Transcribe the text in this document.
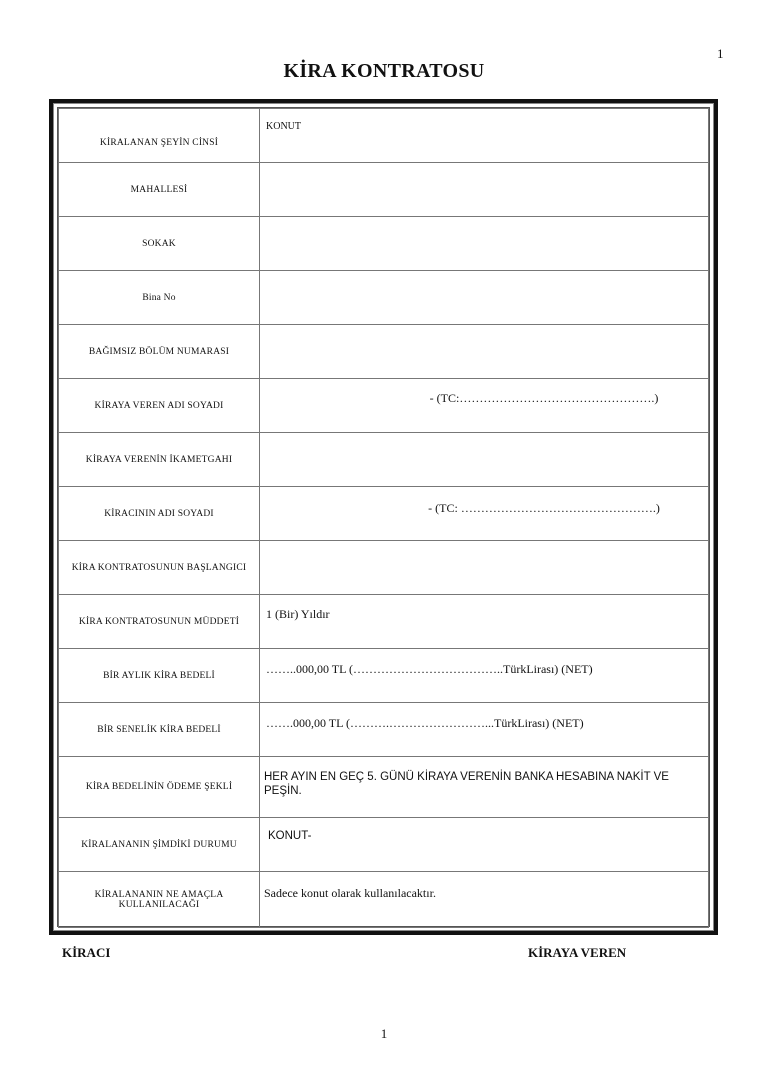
1
KİRA KONTRATOSU
KİRALANAN ŞEYİN CİNSİ	KONUT

MAHALLESİ	

SOKAK	

Bina No	

BAĞIMSIZ BÖLÜM NUMARASI	

KİRAYA VEREN ADI SOYADI	- (TC:………………………………………….)

KİRAYA VERENİN İKAMETGAHI	

KİRACININ ADI SOYADI	- (TC: ………………………………………….)

KİRA KONTRATOSUNUN BAŞLANGICI	

KİRA KONTRATOSUNUN MÜDDETİ	1 (Bir) Yıldır

BİR AYLIK KİRA BEDELİ	……..000,00 TL (………………………………..TürkLirası) (NET)

BİR SENELİK KİRA BEDELİ	…….000,00 TL (……….……………………...TürkLirası) (NET)

KİRA BEDELİNİN ÖDEME ŞEKLİ	HER AYIN EN GEÇ 5. GÜNÜ KİRAYA VERENİN BANKA HESABINA NAKİT VE PEŞİN.

KİRALANANIN ŞİMDİKİ DURUMU	KONUT-

KİRALANANIN NE AMAÇLA KULLANILACAĞI	Sadece konut olarak kullanılacaktır.
KİRACI	KİRAYA VEREN
1
